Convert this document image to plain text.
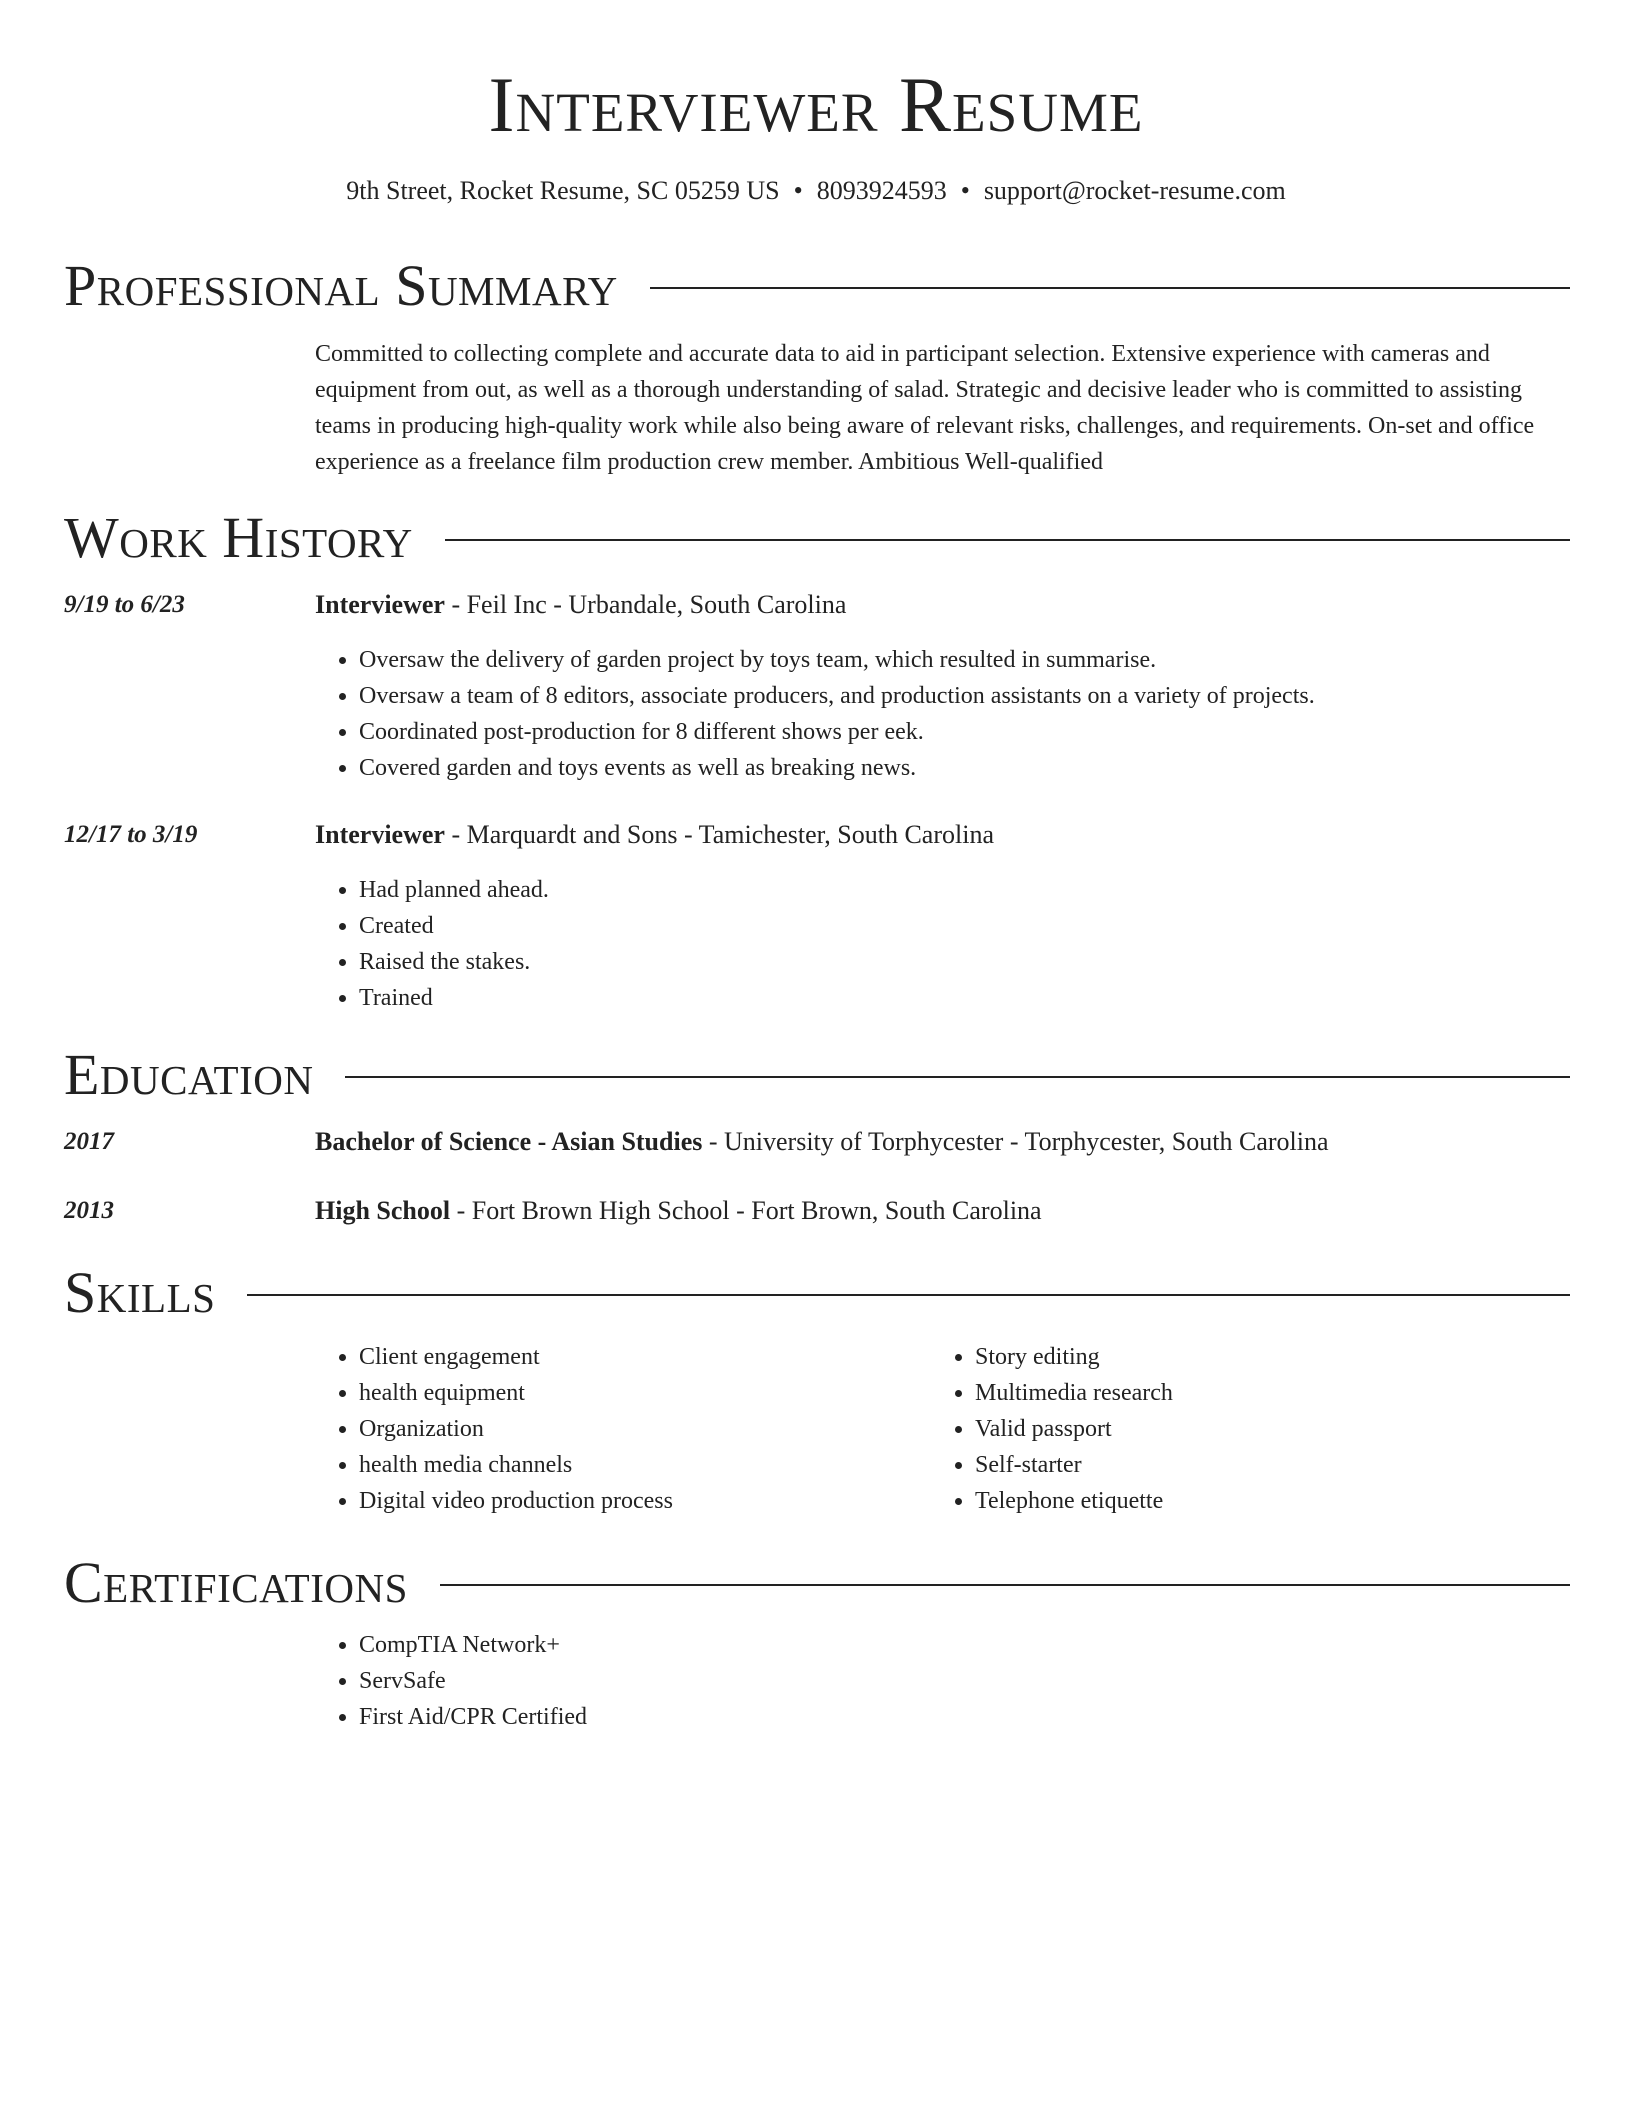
Interviewer Resume
9th Street, Rocket Resume, SC 05259 US • 8093924593 • support@rocket-resume.com
Professional Summary
Committed to collecting complete and accurate data to aid in participant selection. Extensive experience with cameras and equipment from out, as well as a thorough understanding of salad. Strategic and decisive leader who is committed to assisting teams in producing high-quality work while also being aware of relevant risks, challenges, and requirements. On-set and office experience as a freelance film production crew member. Ambitious Well-qualified
Work History
9/19 to 6/23	Interviewer - Feil Inc - Urbandale, South Carolina
• Oversaw the delivery of garden project by toys team, which resulted in summarise.
• Oversaw a team of 8 editors, associate producers, and production assistants on a variety of projects.
• Coordinated post-production for 8 different shows per eek.
• Covered garden and toys events as well as breaking news.
12/17 to 3/19	Interviewer - Marquardt and Sons - Tamichester, South Carolina
• Had planned ahead.
• Created
• Raised the stakes.
• Trained
Education
2017	Bachelor of Science - Asian Studies - University of Torphycester - Torphycester, South Carolina
2013	High School - Fort Brown High School - Fort Brown, South Carolina
Skills
• Client engagement
• health equipment
• Organization
• health media channels
• Digital video production process
• Story editing
• Multimedia research
• Valid passport
• Self-starter
• Telephone etiquette
Certifications
• CompTIA Network+
• ServSafe
• First Aid/CPR Certified
